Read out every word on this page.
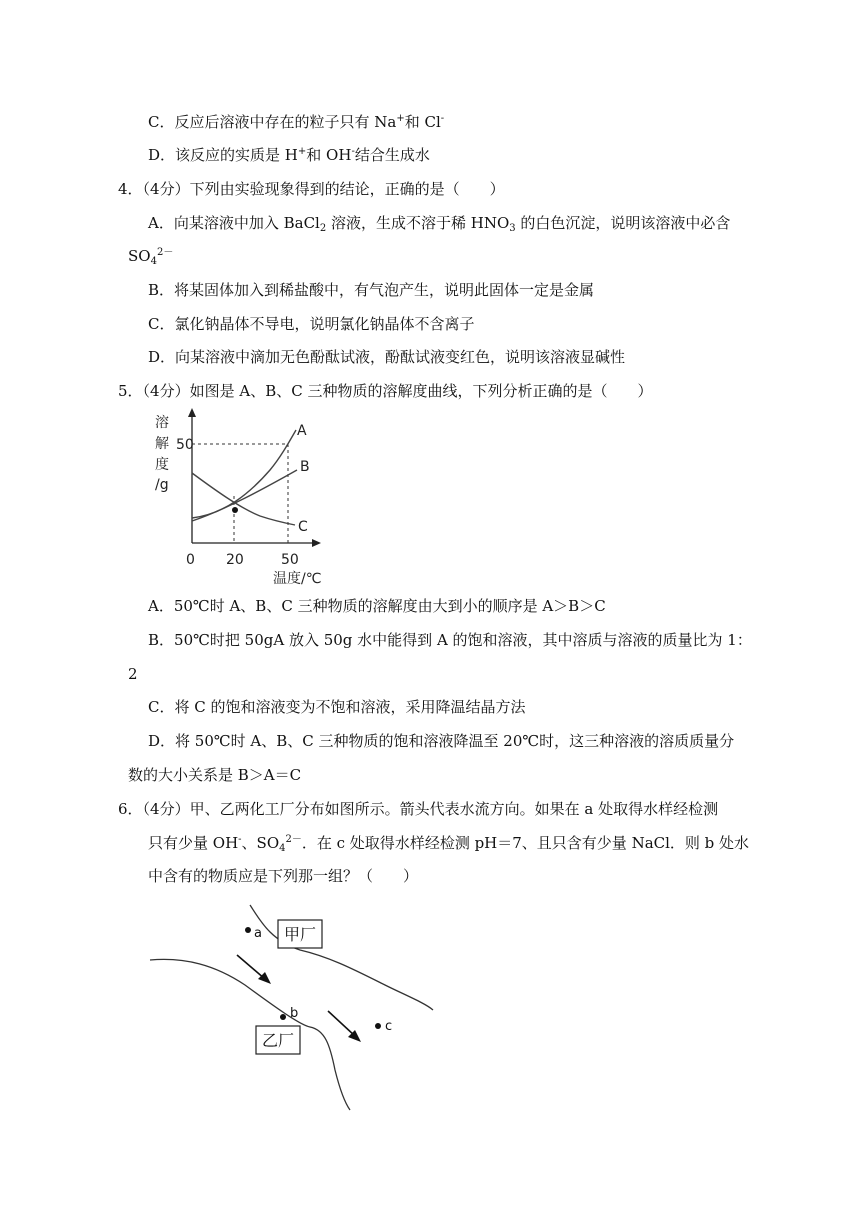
C．反应后溶液中存在的粒子只有 Na+和 Cl-
D．该反应的实质是 H+和 OH-结合生成水
4．（4分）下列由实验现象得到的结论，正确的是（　　）
A．向某溶液中加入 BaCl$_2$ 溶液，生成不溶于稀 $HNO_3$ 的白色沉淀，说明该溶液中必含
$SO_4^{2-}$
B．将某固体加入到稀盐酸中，有气泡产生，说明此固体一定是金属
C．氯化钠晶体不导电，说明氯化钠晶体不含离子
D．向某溶液中滴加无色酚酞试液，酚酞试液变红色，说明该溶液显碱性
5．（4分）如图是 A、B、C 三种物质的溶解度曲线，下列分析正确的是（　　）
溶
解
度
/g
50
0 20	50
温度/℃
A
B
C
A．50℃时 A、B、C 三种物质的溶解度由大到小的顺序是 A＞B＞C
B．50℃时把 50gA 放入 50g 水中能得到 A 的饱和溶液，其中溶质与溶液的质量比为 1：
2
C．将 C 的饱和溶液变为不饱和溶液，采用降温结晶方法
D．将 50℃时 A、B、C 三种物质的饱和溶液降温至 20℃时，这三种溶液的溶质质量分
数的大小关系是 B＞A＝C
6．（4分）甲、乙两化工厂分布如图所示。箭头代表水流方向。如果在 a 处取得水样经检测
只有少量 OH-、$SO_4^{2-}$．在 c 处取得水样经检测 pH＝7、且只含有少量 NaCl．则 b 处水
中含有的物质应是下列那一组？（　　）
甲厂
乙厂
a
b
c
